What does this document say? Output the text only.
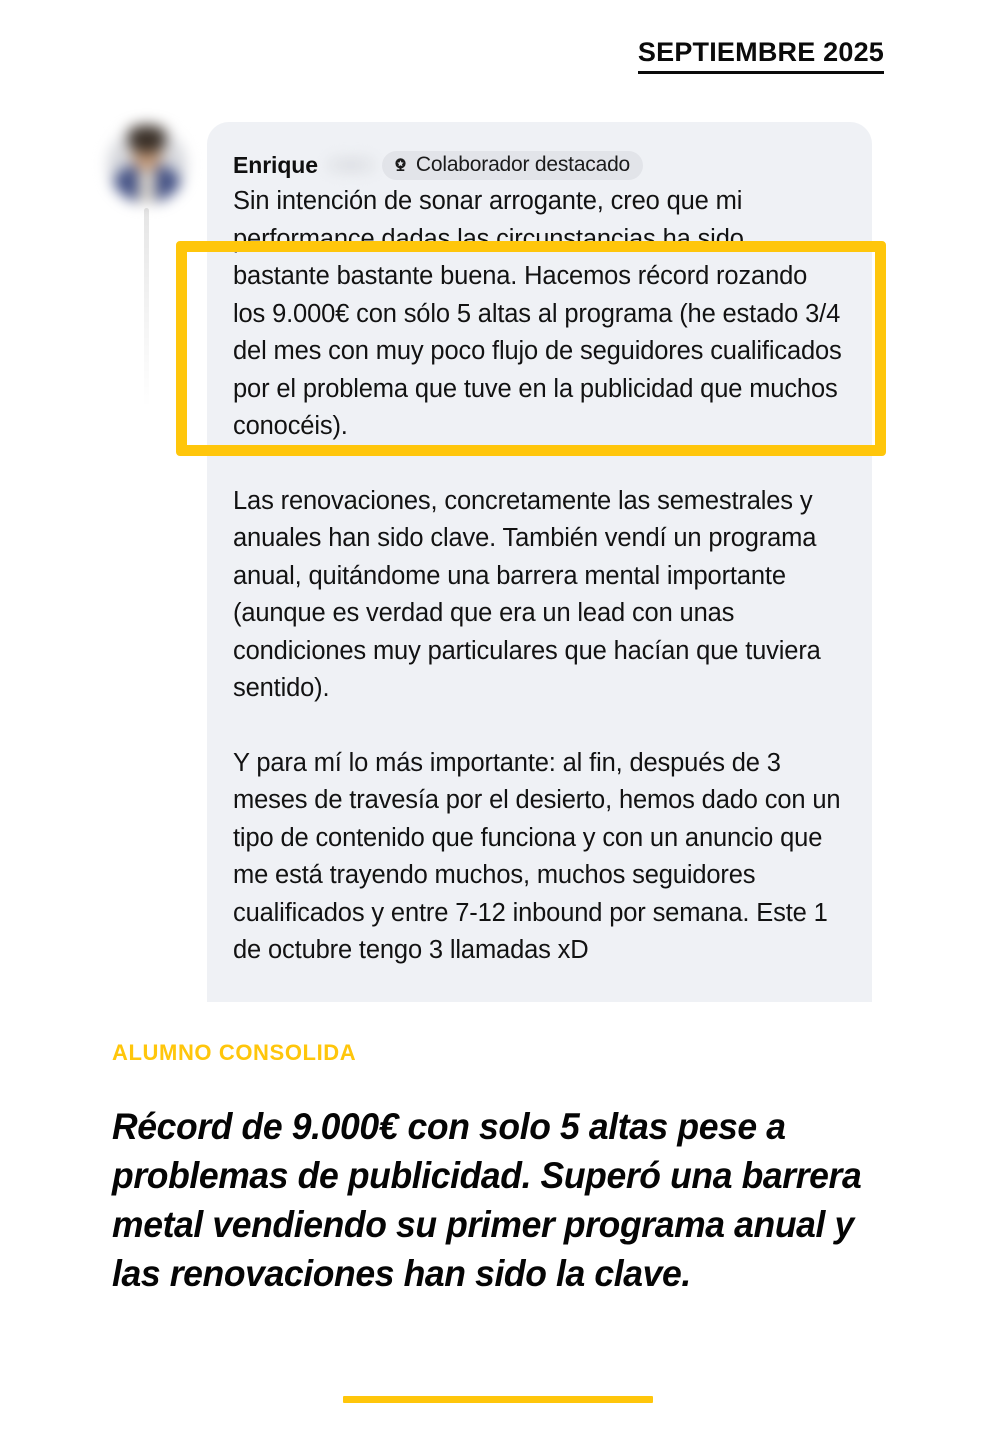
SEPTIEMBRE 2025
Enrique	Colaborador destacado

Sin intención de sonar arrogante, creo que mi performance dadas las circunstancias ha sido bastante bastante buena. Hacemos récord rozando los 9.000€ con sólo 5 altas al programa (he estado 3/4 del mes con muy poco flujo de seguidores cualificados por el problema que tuve en la publicidad que muchos conocéis).

Las renovaciones, concretamente las semestrales y anuales han sido clave. También vendí un programa anual, quitándome una barrera mental importante (aunque es verdad que era un lead con unas condiciones muy particulares que hacían que tuviera sentido).

Y para mí lo más importante: al fin, después de 3 meses de travesía por el desierto, hemos dado con un tipo de contenido que funciona y con un anuncio que me está trayendo muchos, muchos seguidores cualificados y entre 7-12 inbound por semana. Este 1 de octubre tengo 3 llamadas xD

ALUMNO CONSOLIDA
Récord de 9.000€ con solo 5 altas pese a problemas de publicidad. Superó una barrera metal vendiendo su primer programa anual y las renovaciones han sido la clave.
